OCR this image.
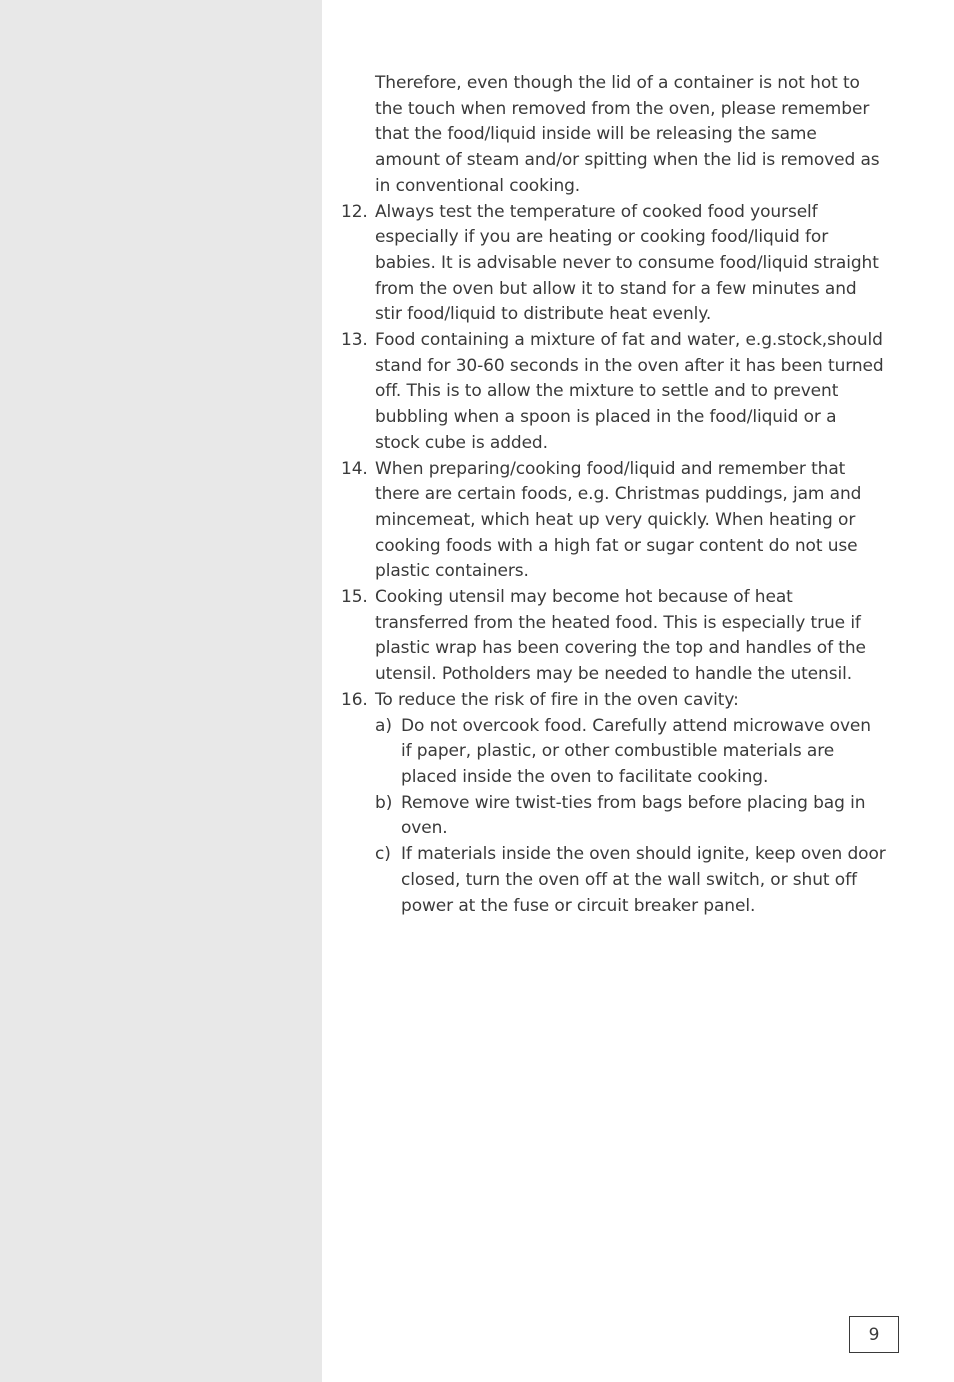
Therefore, even though the lid of a container is not hot to the touch when removed from the oven, please remember that the food/liquid inside will be releasing the same amount of steam and/or spitting when the lid is removed as in conventional cooking.
12. Always test the temperature of cooked food yourself especially if you are heating or cooking food/liquid for babies. It is advisable never to consume food/liquid straight from the oven but allow it to stand for a few minutes and stir food/liquid to distribute heat evenly.
13. Food containing a mixture of fat and water, e.g.stock,should stand for 30-60 seconds in the oven after it has been turned off. This is to allow the mixture to settle and to prevent bubbling when a spoon is placed in the food/liquid or a stock cube is added.
14. When preparing/cooking food/liquid and remember that there are certain foods, e.g. Christmas puddings, jam and mincemeat, which heat up very quickly. When heating or cooking foods with a high fat or sugar content do not use plastic containers.
15. Cooking utensil may become hot because of heat transferred from the heated food. This is especially true if plastic wrap has been covering the top and handles of the utensil. Potholders may be needed to handle the utensil.
16. To reduce the risk of fire in the oven cavity:
a) Do not overcook food. Carefully attend microwave oven if paper, plastic, or other combustible materials are placed inside the oven to facilitate cooking.
b) Remove wire twist-ties from bags before placing bag in oven.
c) If materials inside the oven should ignite, keep oven door closed, turn the oven off at the wall switch, or shut off power at the fuse or circuit breaker panel.
9
